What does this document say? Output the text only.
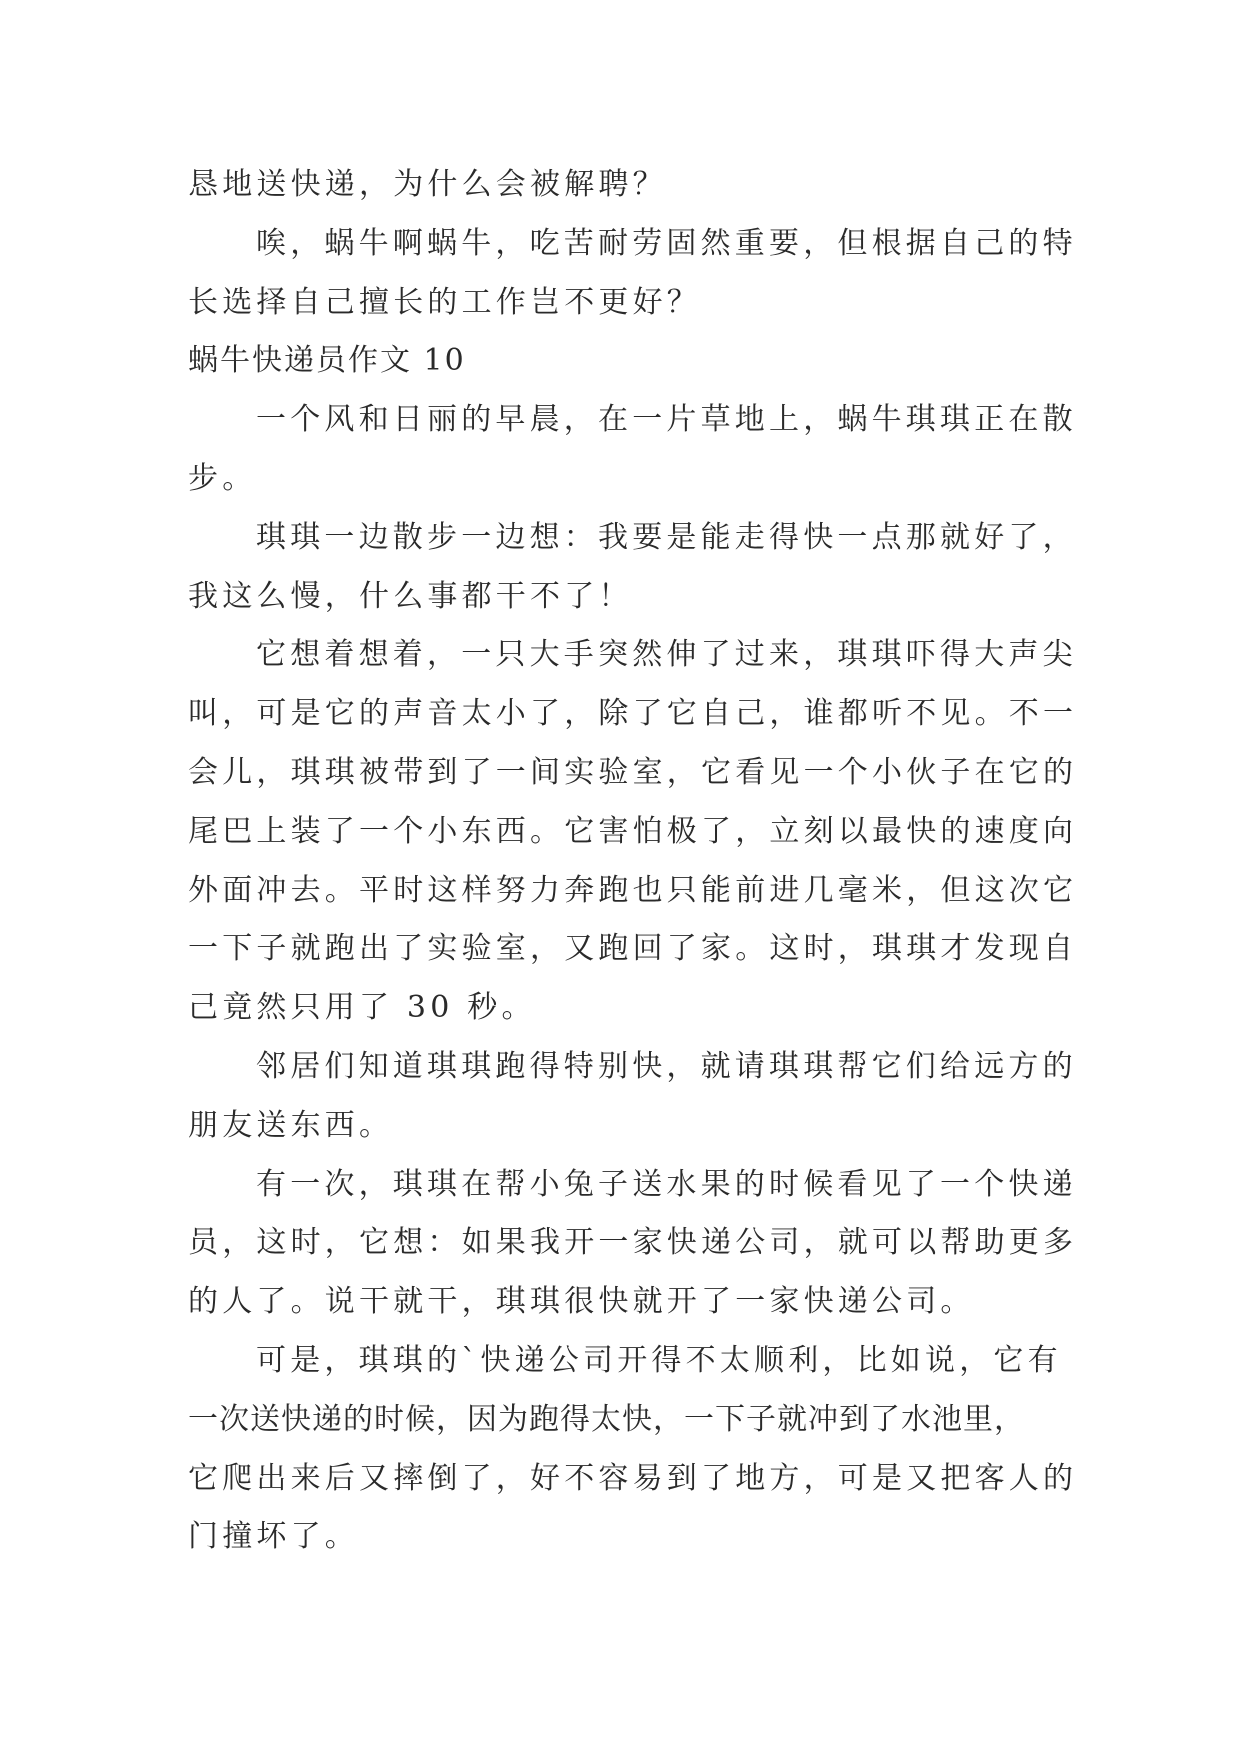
恳地送快递，为什么会被解聘？
唉，蜗牛啊蜗牛，吃苦耐劳固然重要，但根据自己的特
长选择自己擅长的工作岂不更好？
蜗牛快递员作文 10
一个风和日丽的早晨，在一片草地上，蜗牛琪琪正在散
步。
琪琪一边散步一边想：我要是能走得快一点那就好了，
我这么慢，什么事都干不了！
它想着想着，一只大手突然伸了过来，琪琪吓得大声尖
叫，可是它的声音太小了，除了它自己，谁都听不见。不一
会儿，琪琪被带到了一间实验室，它看见一个小伙子在它的
尾巴上装了一个小东西。它害怕极了，立刻以最快的速度向
外面冲去。平时这样努力奔跑也只能前进几毫米，但这次它
一下子就跑出了实验室，又跑回了家。这时，琪琪才发现自
己竟然只用了 30 秒。
邻居们知道琪琪跑得特别快，就请琪琪帮它们给远方的
朋友送东西。
有一次，琪琪在帮小兔子送水果的时候看见了一个快递
员，这时，它想：如果我开一家快递公司，就可以帮助更多
的人了。说干就干，琪琪很快就开了一家快递公司。
可是，琪琪的`快递公司开得不太顺利，比如说，它有
一次送快递的时候，因为跑得太快，一下子就冲到了水池里，
它爬出来后又摔倒了，好不容易到了地方，可是又把客人的
门撞坏了。
